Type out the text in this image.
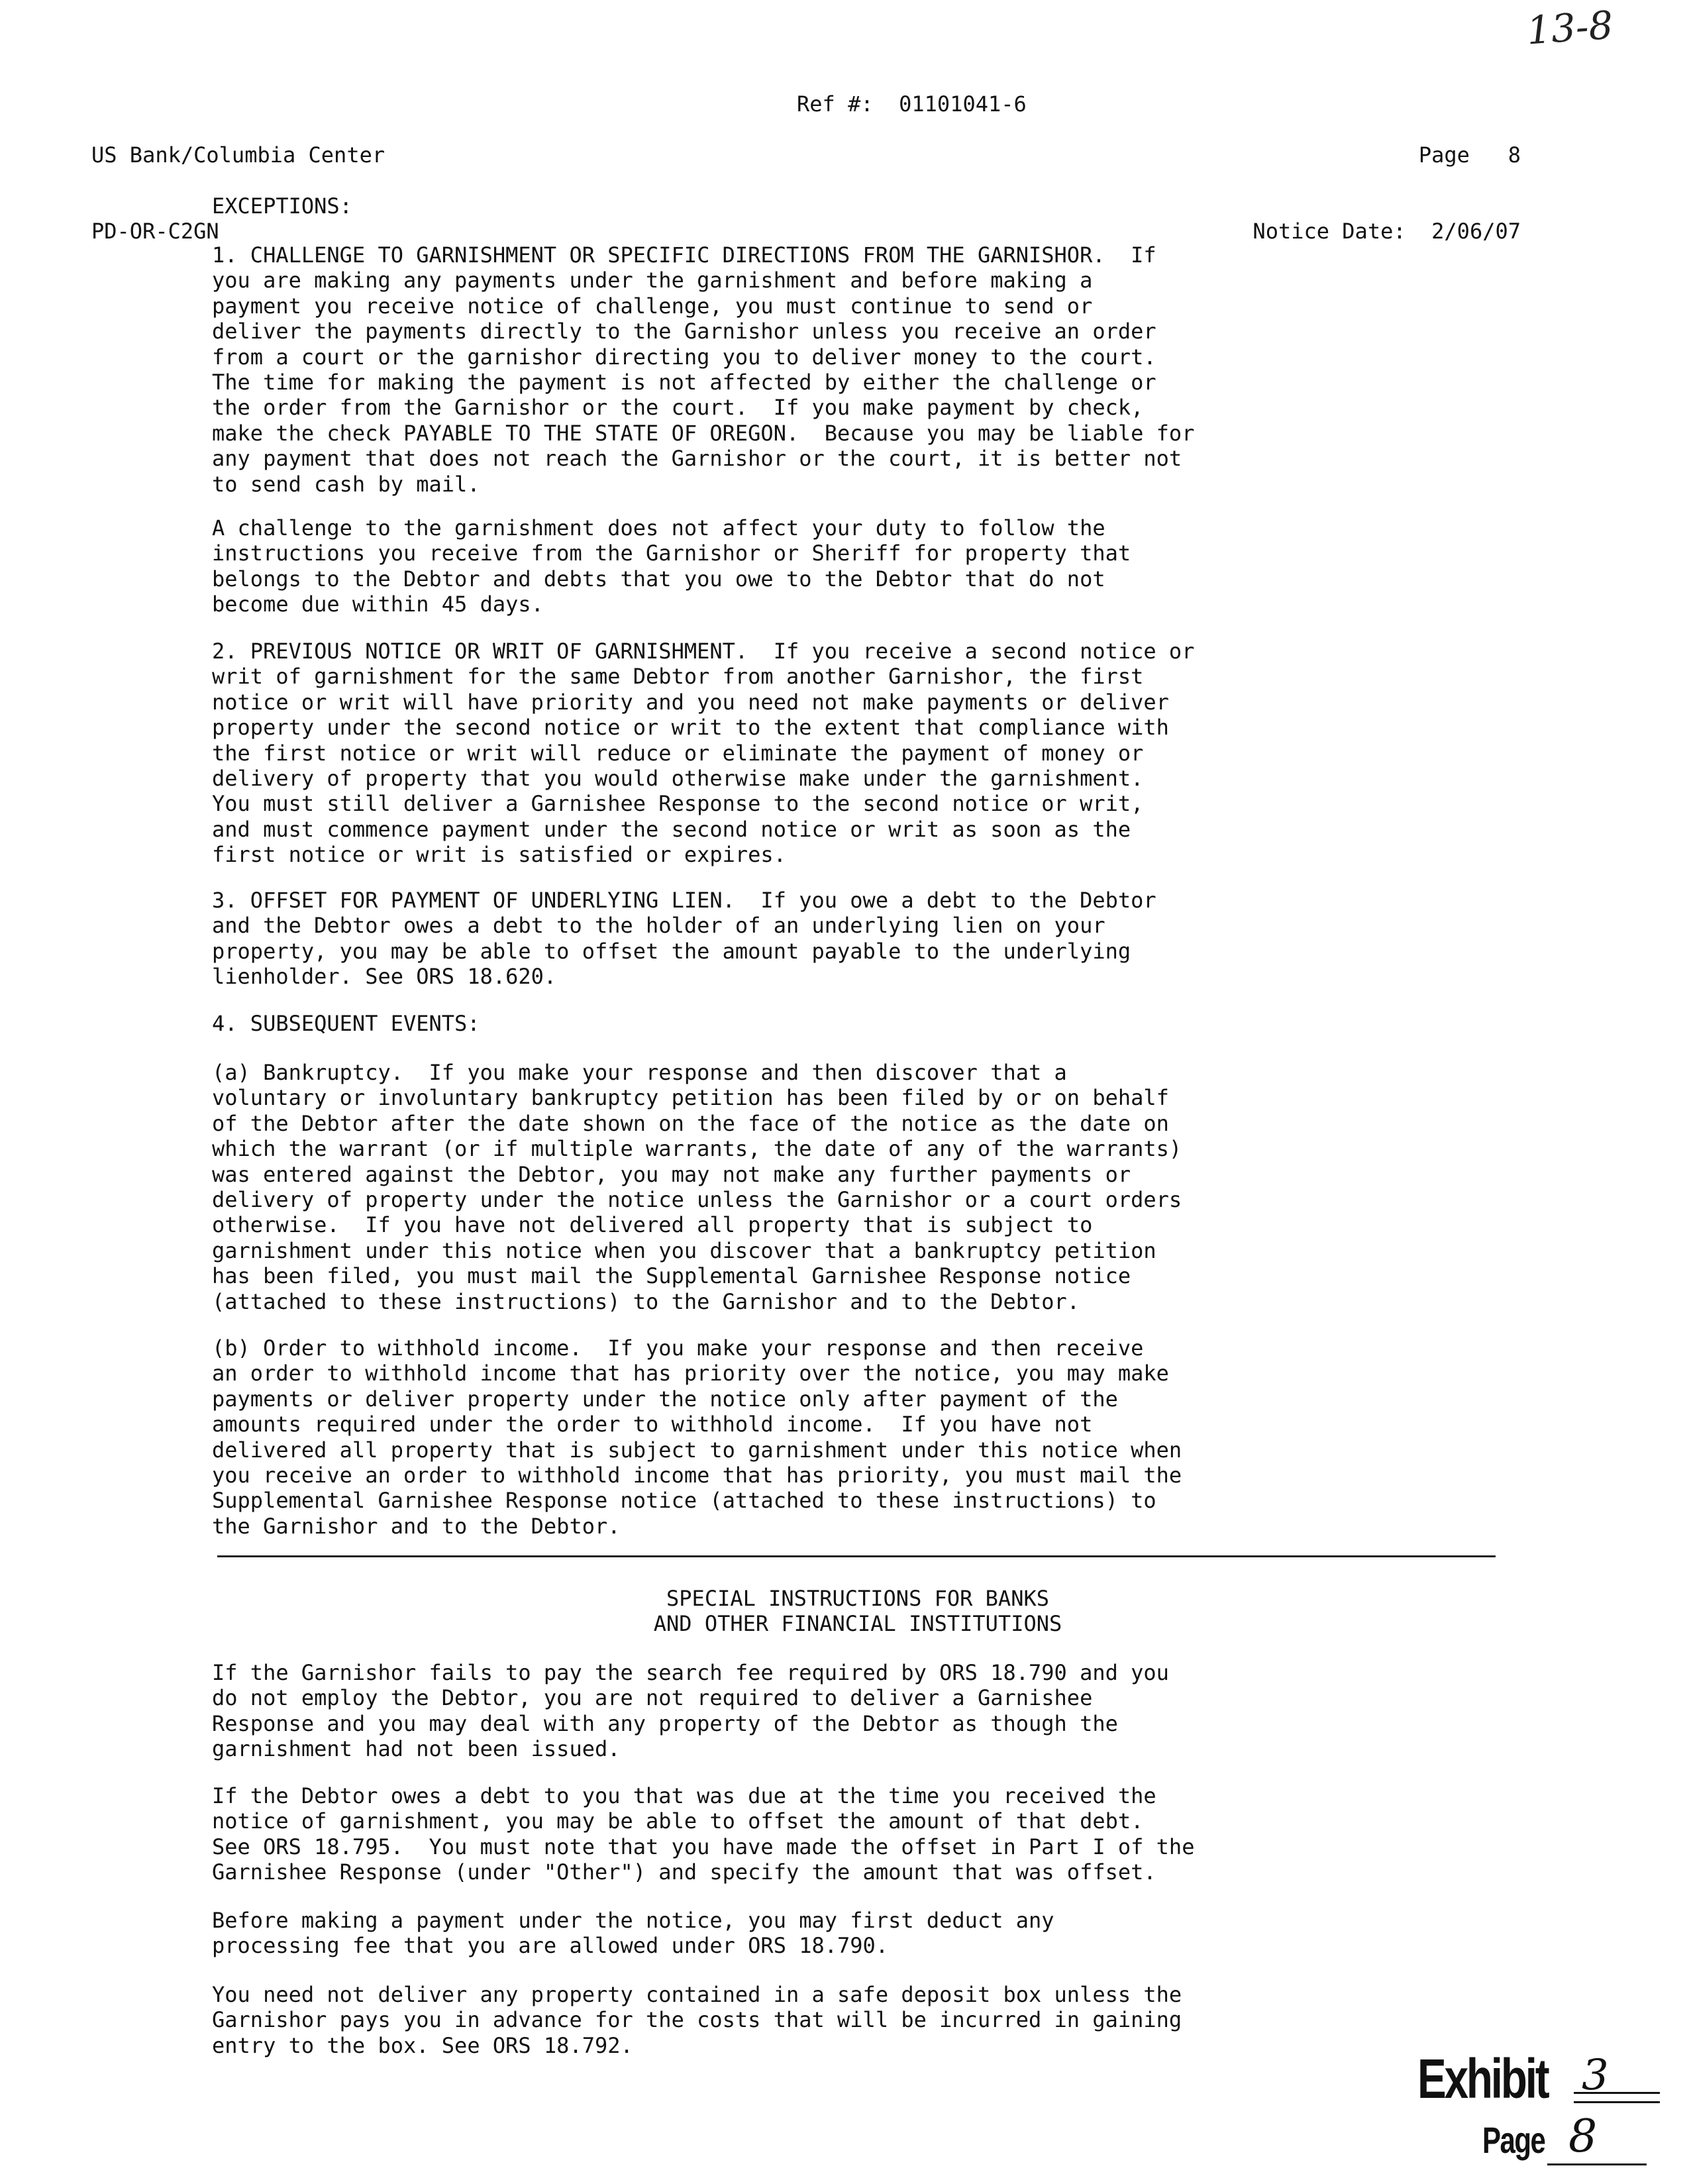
13-8

US Bank/Columbia Center

PD-OR-C2GN

Ref #: 01101041-6

Page 8

Notice Date: 2/06/07

EXCEPTIONS:
1. CHALLENGE TO GARNISHMENT OR SPECIFIC DIRECTIONS FROM THE GARNISHOR.  If
you are making any payments under the garnishment and before making a
payment you receive notice of challenge, you must continue to send or
deliver the payments directly to the Garnishor unless you receive an order
from a court or the garnishor directing you to deliver money to the court.
The time for making the payment is not affected by either the challenge or
the order from the Garnishor or the court.  If you make payment by check,
make the check PAYABLE TO THE STATE OF OREGON.  Because you may be liable for
any payment that does not reach the Garnishor or the court, it is better not
to send cash by mail.
A challenge to the garnishment does not affect your duty to follow the
instructions you receive from the Garnishor or Sheriff for property that
belongs to the Debtor and debts that you owe to the Debtor that do not
become due within 45 days.
2. PREVIOUS NOTICE OR WRIT OF GARNISHMENT.  If you receive a second notice or
writ of garnishment for the same Debtor from another Garnishor, the first
notice or writ will have priority and you need not make payments or deliver
property under the second notice or writ to the extent that compliance with
the first notice or writ will reduce or eliminate the payment of money or
delivery of property that you would otherwise make under the garnishment.
You must still deliver a Garnishee Response to the second notice or writ,
and must commence payment under the second notice or writ as soon as the
first notice or writ is satisfied or expires.
3. OFFSET FOR PAYMENT OF UNDERLYING LIEN.  If you owe a debt to the Debtor
and the Debtor owes a debt to the holder of an underlying lien on your
property, you may be able to offset the amount payable to the underlying
lienholder. See ORS 18.620.
4. SUBSEQUENT EVENTS:
(a) Bankruptcy.  If you make your response and then discover that a
voluntary or involuntary bankruptcy petition has been filed by or on behalf
of the Debtor after the date shown on the face of the notice as the date on
which the warrant (or if multiple warrants, the date of any of the warrants)
was entered against the Debtor, you may not make any further payments or
delivery of property under the notice unless the Garnishor or a court orders
otherwise.  If you have not delivered all property that is subject to
garnishment under this notice when you discover that a bankruptcy petition
has been filed, you must mail the Supplemental Garnishee Response notice
(attached to these instructions) to the Garnishor and to the Debtor.
(b) Order to withhold income.  If you make your response and then receive
an order to withhold income that has priority over the notice, you may make
payments or deliver property under the notice only after payment of the
amounts required under the order to withhold income.  If you have not
delivered all property that is subject to garnishment under this notice when
you receive an order to withhold income that has priority, you must mail the
Supplemental Garnishee Response notice (attached to these instructions) to
the Garnishor and to the Debtor.
SPECIAL INSTRUCTIONS FOR BANKS
AND OTHER FINANCIAL INSTITUTIONS
If the Garnishor fails to pay the search fee required by ORS 18.790 and you
do not employ the Debtor, you are not required to deliver a Garnishee
Response and you may deal with any property of the Debtor as though the
garnishment had not been issued.
If the Debtor owes a debt to you that was due at the time you received the
notice of garnishment, you may be able to offset the amount of that debt.
See ORS 18.795.  You must note that you have made the offset in Part I of the
Garnishee Response (under "Other") and specify the amount that was offset.
Before making a payment under the notice, you may first deduct any
processing fee that you are allowed under ORS 18.790.
You need not deliver any property contained in a safe deposit box unless the
Garnishor pays you in advance for the costs that will be incurred in gaining
entry to the box. See ORS 18.792.
Exhibit 3
Page 8
